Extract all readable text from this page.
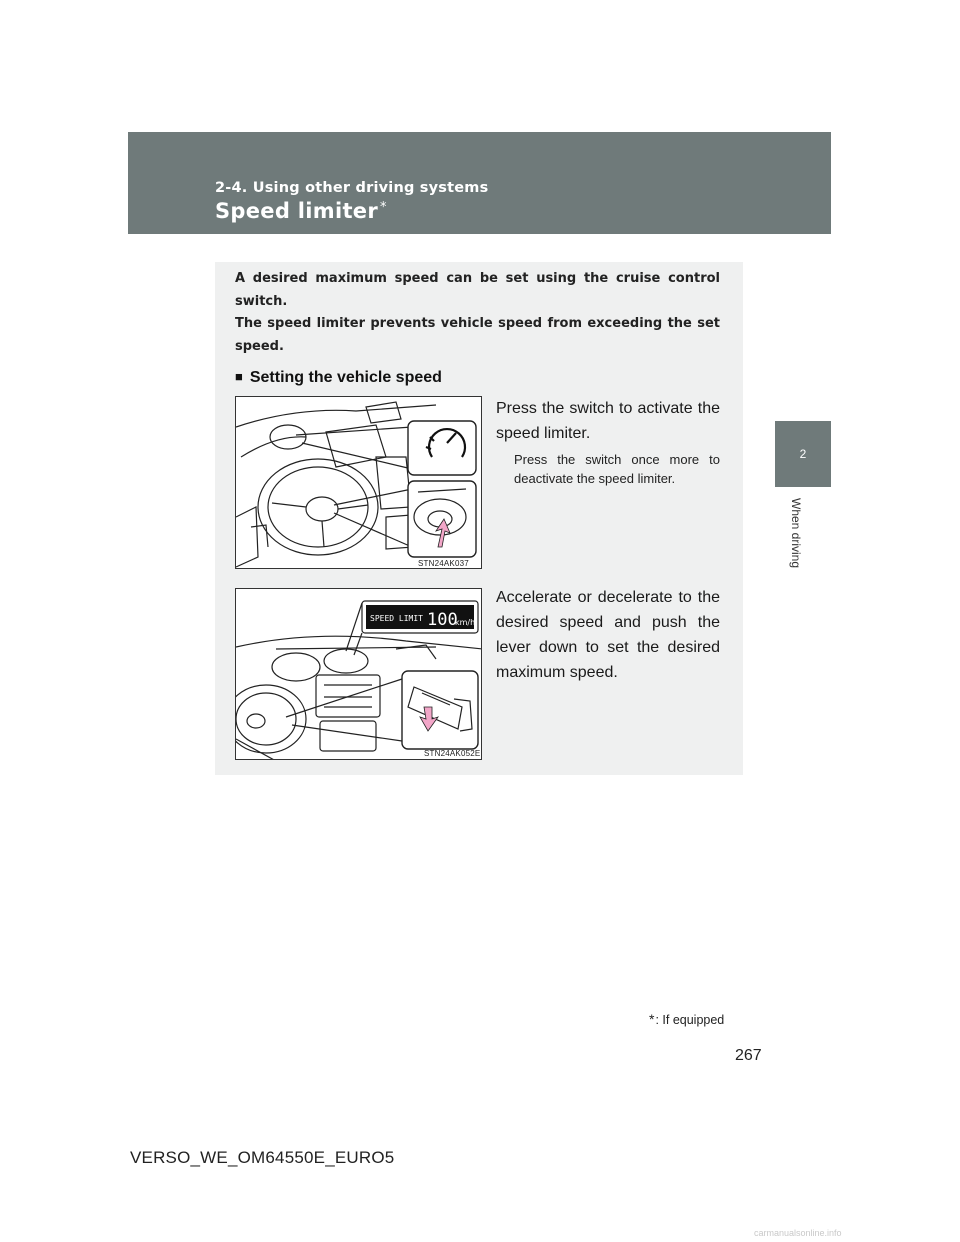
2-4. Using other driving systems
Speed limiter *
2
When driving

A desired maximum speed can be set using the cruise control switch.

The speed limiter prevents vehicle speed from exceeding the set speed.

■ Setting the vehicle speed
STN24AK037
Press the switch to activate the speed limiter.
Press the switch once more to deactivate the speed limiter.
SPEED LIMIT 100
km/h
STN24AK052E
Accelerate or decelerate to the desired speed and push the lever down to set the desired maximum speed.
*: If equipped
267
VERSO_WE_OM64550E_EURO5
carmanualsonline.info
